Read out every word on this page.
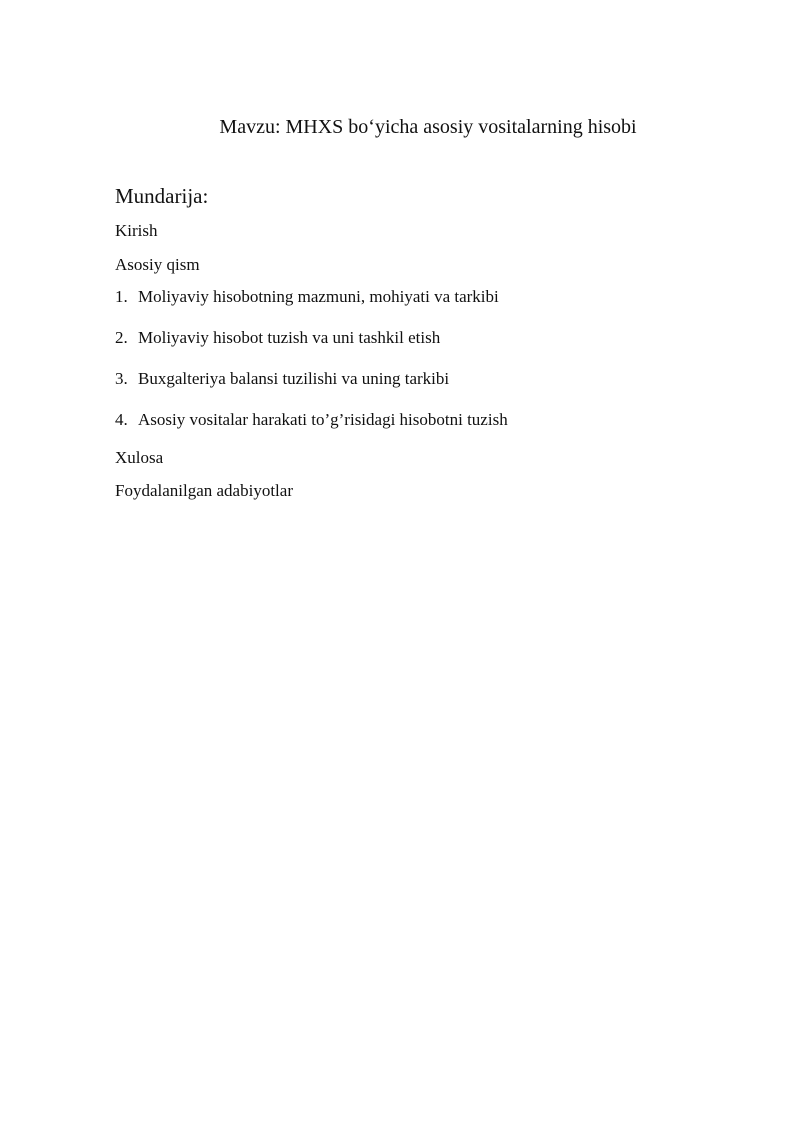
Mavzu: MHXS bo‘yicha asosiy vositalarning hisobi
Mundarija:
Kirish
Asosiy qism
1. Moliyaviy hisobotning mazmuni, mohiyati va tarkibi
2. Moliyaviy hisobot tuzish va uni tashkil etish
3. Buxgalteriya balansi tuzilishi va uning tarkibi
4. Asosiy vositalar harakati to’g’risidagi hisobotni tuzish
Xulosa
Foydalanilgan adabiyotlar
